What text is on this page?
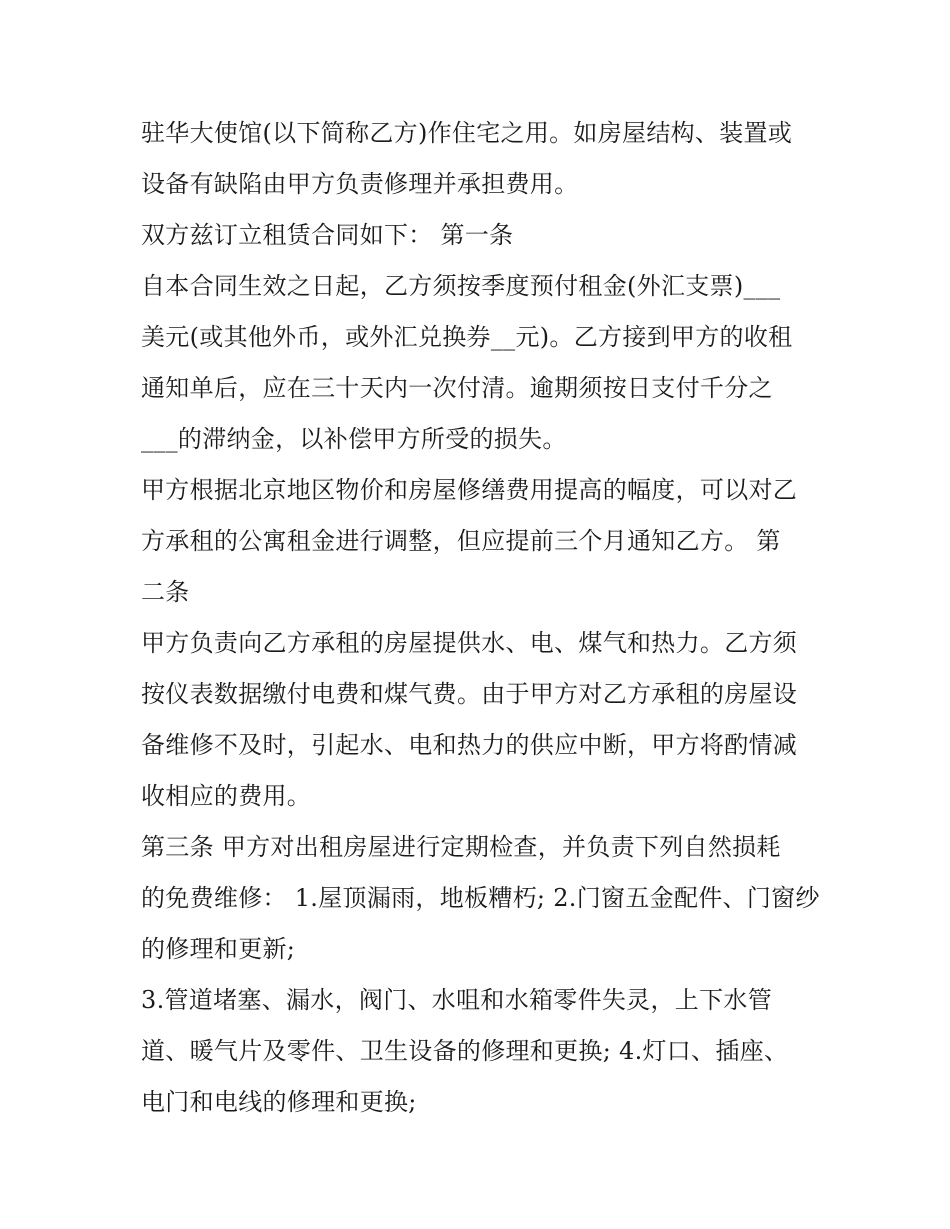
驻华大使馆(以下简称乙方)作住宅之用。如房屋结构、装置或
设备有缺陷由甲方负责修理并承担费用。
双方兹订立租赁合同如下： 第一条
自本合同生效之日起，乙方须按季度预付租金(外汇支票)___
美元(或其他外币，或外汇兑换券__元)。乙方接到甲方的收租
通知单后，应在三十天内一次付清。逾期须按日支付千分之
___的滞纳金，以补偿甲方所受的损失。
甲方根据北京地区物价和房屋修缮费用提高的幅度，可以对乙
方承租的公寓租金进行调整，但应提前三个月通知乙方。 第
二条
甲方负责向乙方承租的房屋提供水、电、煤气和热力。乙方须
按仪表数据缴付电费和煤气费。由于甲方对乙方承租的房屋设
备维修不及时，引起水、电和热力的供应中断，甲方将酌情减
收相应的费用。
第三条 甲方对出租房屋进行定期检查，并负责下列自然损耗
的免费维修： 1.屋顶漏雨，地板糟朽; 2.门窗五金配件、门窗纱
的修理和更新;
3.管道堵塞、漏水，阀门、水咀和水箱零件失灵，上下水管
道、暖气片及零件、卫生设备的修理和更换; 4.灯口、插座、
电门和电线的修理和更换;
